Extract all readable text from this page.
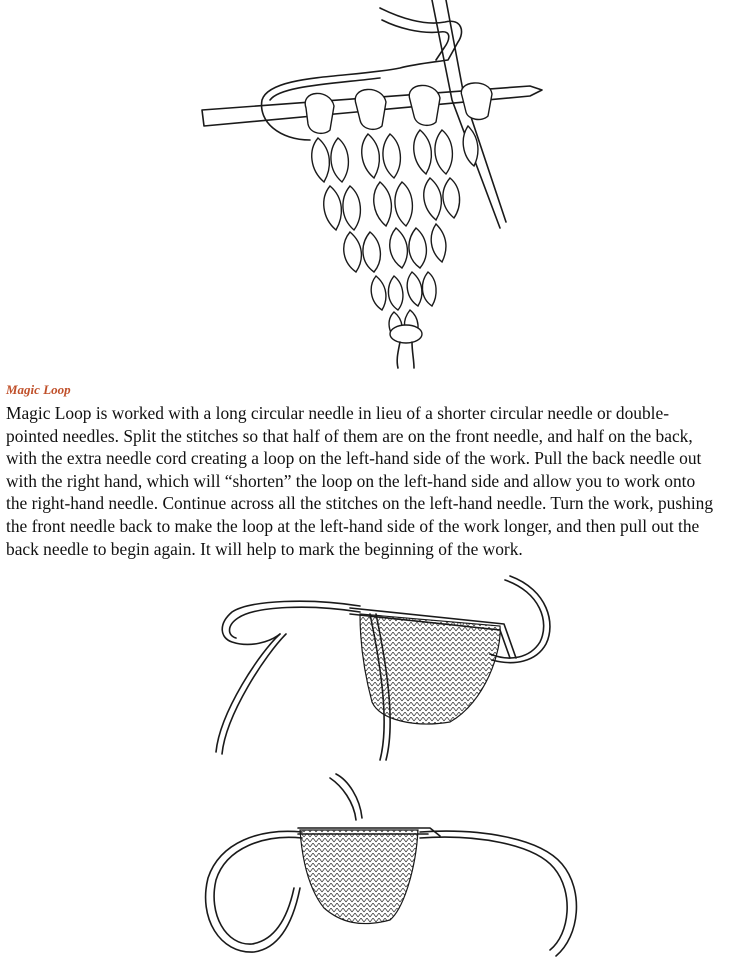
Magic Loop
Magic Loop is worked with a long circular needle in lieu of a shorter circular needle or double-
pointed needles. Split the stitches so that half of them are on the front needle, and half on the back,
with the extra needle cord creating a loop on the left-hand side of the work. Pull the back needle out
with the right hand, which will “shorten” the loop on the left-hand side and allow you to work onto
the right-hand needle. Continue across all the stitches on the left-hand needle. Turn the work, pushing
the front needle back to make the loop at the left-hand side of the work longer, and then pull out the
back needle to begin again. It will help to mark the beginning of the work.
